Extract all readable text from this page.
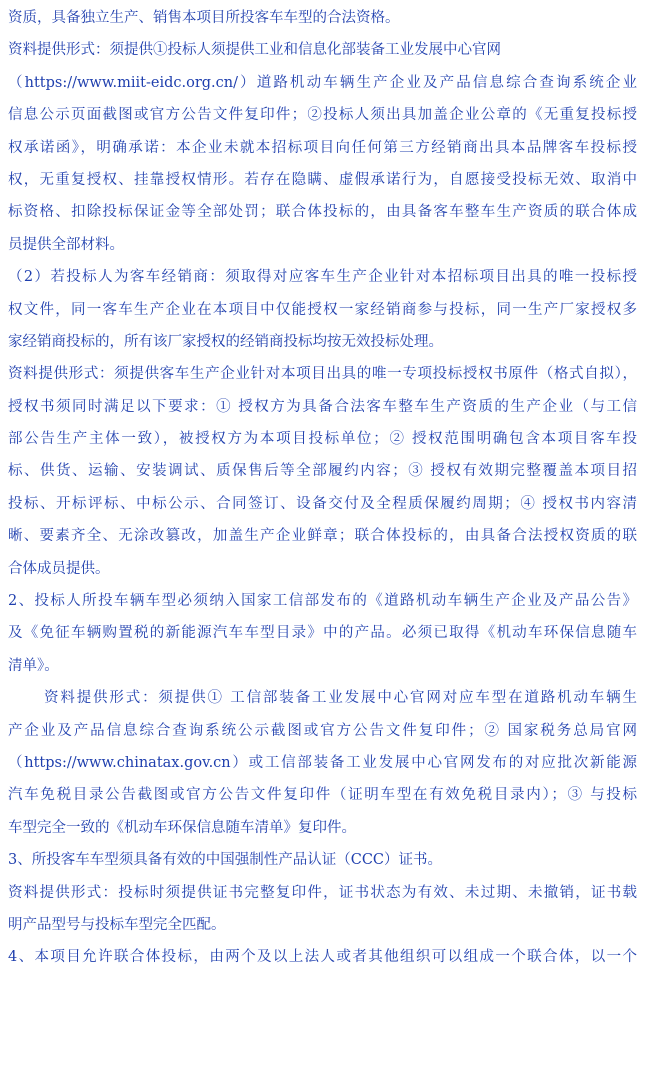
资质，具备独立生产、销售本项目所投客车车型的合法资格。
资料提供形式：须提供①投标人须提供工业和信息化部装备工业发展中心官网
（https://www.miit-eidc.org.cn/）道路机动车辆生产企业及产品信息综合查询系统企业
信息公示页面截图或官方公告文件复印件；②投标人须出具加盖企业公章的《无重复投标授
权承诺函》，明确承诺：本企业未就本招标项目向任何第三方经销商出具本品牌客车投标授
权，无重复授权、挂靠授权情形。若存在隐瞒、虚假承诺行为，自愿接受投标无效、取消中
标资格、扣除投标保证金等全部处罚；联合体投标的，由具备客车整车生产资质的联合体成
员提供全部材料。
（2）若投标人为客车经销商：须取得对应客车生产企业针对本招标项目出具的唯一投标授
权文件，同一客车生产企业在本项目中仅能授权一家经销商参与投标，同一生产厂家授权多
家经销商投标的，所有该厂家授权的经销商投标均按无效投标处理。
资料提供形式：须提供客车生产企业针对本项目出具的唯一专项投标授权书原件（格式自拟），
授权书须同时满足以下要求：① 授权方为具备合法客车整车生产资质的生产企业（与工信
部公告生产主体一致），被授权方为本项目投标单位；② 授权范围明确包含本项目客车投
标、供货、运输、安装调试、质保售后等全部履约内容；③ 授权有效期完整覆盖本项目招
投标、开标评标、中标公示、合同签订、设备交付及全程质保履约周期；④ 授权书内容清
晰、要素齐全、无涂改篡改，加盖生产企业鲜章；联合体投标的，由具备合法授权资质的联
合体成员提供。
2、投标人所投车辆车型必须纳入国家工信部发布的《道路机动车辆生产企业及产品公告》
及《免征车辆购置税的新能源汽车车型目录》中的产品。必须已取得《机动车环保信息随车
清单》。
资料提供形式：须提供① 工信部装备工业发展中心官网对应车型在道路机动车辆生
产企业及产品信息综合查询系统公示截图或官方公告文件复印件；② 国家税务总局官网
（https://www.chinatax.gov.cn）或工信部装备工业发展中心官网发布的对应批次新能源
汽车免税目录公告截图或官方公告文件复印件（证明车型在有效免税目录内）；③ 与投标
车型完全一致的《机动车环保信息随车清单》复印件。
3、所投客车车型须具备有效的中国强制性产品认证（CCC）证书。
资料提供形式：投标时须提供证书完整复印件，证书状态为有效、未过期、未撤销，证书载
明产品型号与投标车型完全匹配。
4、本项目允许联合体投标，由两个及以上法人或者其他组织可以组成一个联合体，以一个
